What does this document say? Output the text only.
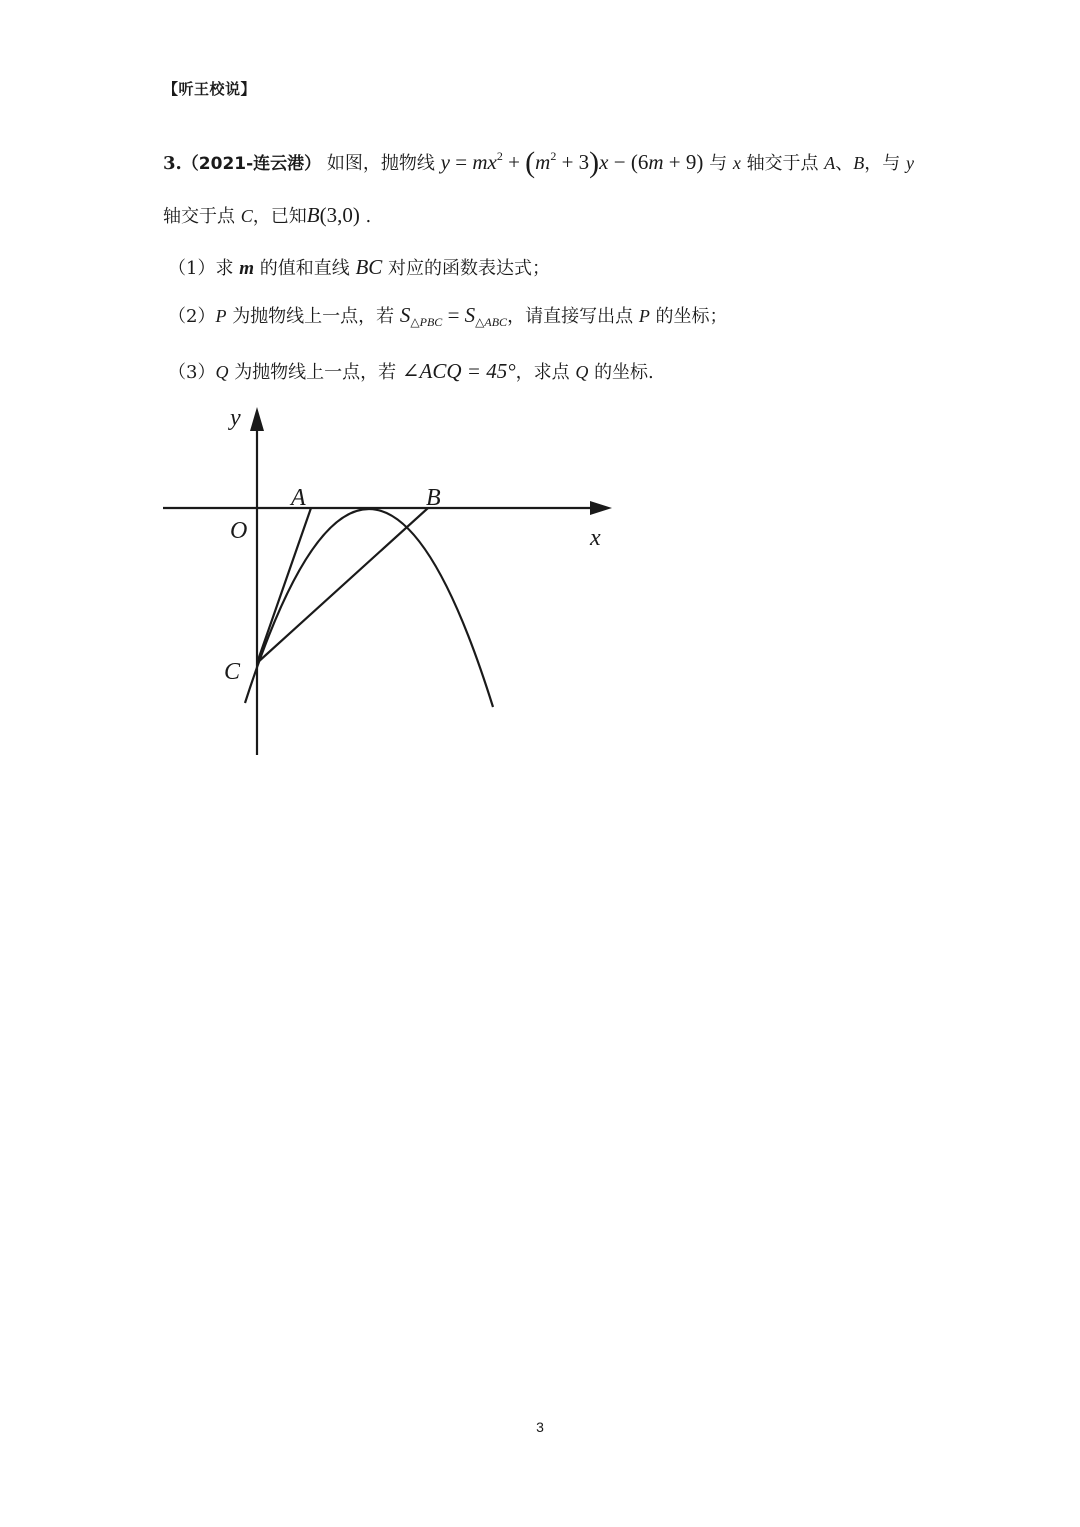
【听王校说】
3.（2021-连云港） 如图，抛物线 $y = mx^2 + (m^2 + 3)x - (6m + 9)$ 与 x 轴交于点 A、B，与 y
轴交于点 C，已知B(3,0) .
（1）求 m 的值和直线 BC 对应的函数表达式；
（2）P 为抛物线上一点，若 $S_{\triangle PBC} = S_{\triangle ABC}$，请直接写出点 P 的坐标；
（3）Q 为抛物线上一点，若 ∠ACQ = 45°，求点 Q 的坐标.
y
A	B
O	x
C
3
